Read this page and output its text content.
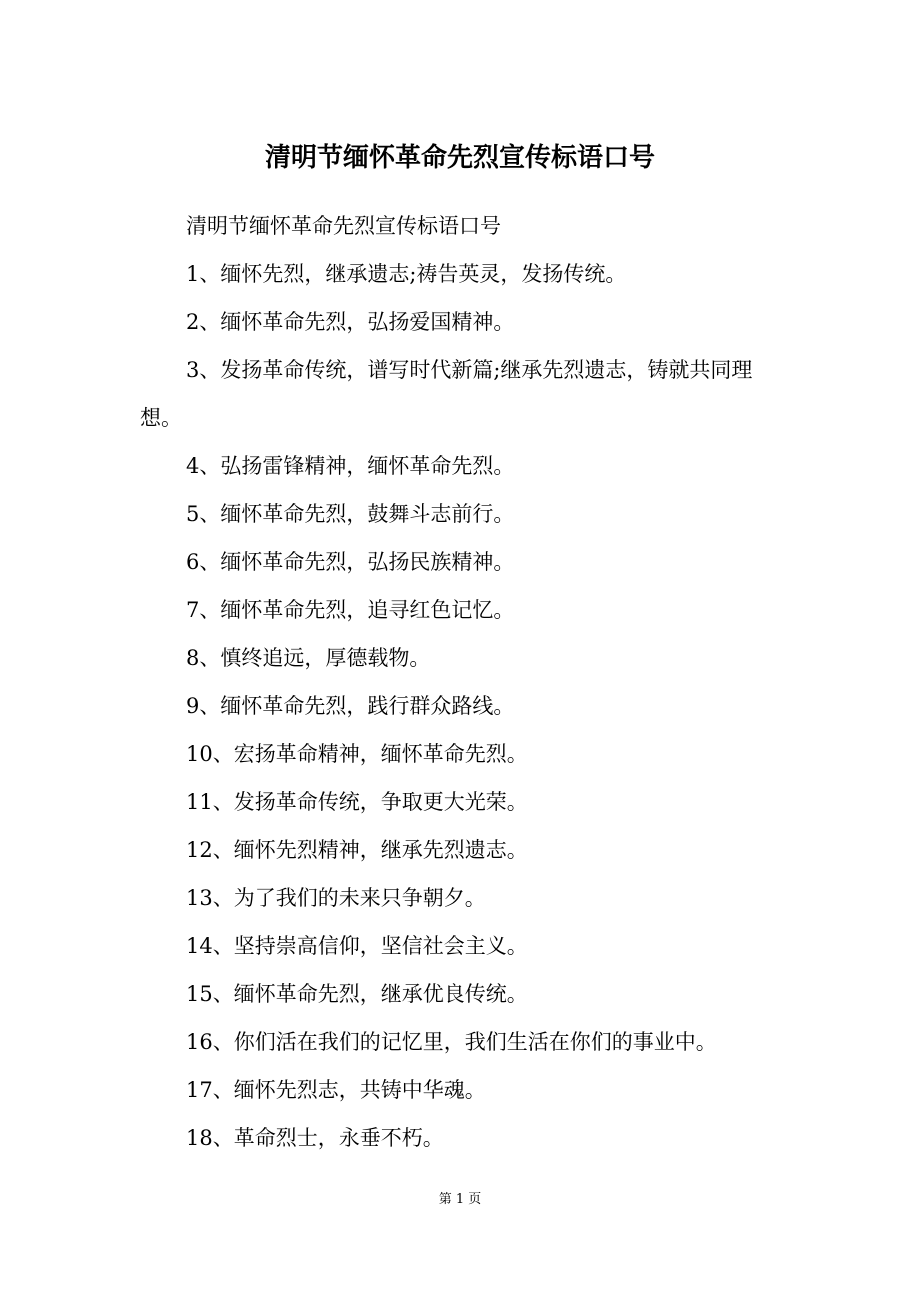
清明节缅怀革命先烈宣传标语口号

清明节缅怀革命先烈宣传标语口号

1、缅怀先烈，继承遗志;祷告英灵，发扬传统。

2、缅怀革命先烈，弘扬爱国精神。

3、发扬革命传统，谱写时代新篇;继承先烈遗志，铸就共同理想。

4、弘扬雷锋精神，缅怀革命先烈。

5、缅怀革命先烈，鼓舞斗志前行。

6、缅怀革命先烈，弘扬民族精神。

7、缅怀革命先烈，追寻红色记忆。

8、慎终追远，厚德载物。

9、缅怀革命先烈，践行群众路线。

10、宏扬革命精神，缅怀革命先烈。

11、发扬革命传统，争取更大光荣。

12、缅怀先烈精神，继承先烈遗志。

13、为了我们的未来只争朝夕。

14、坚持崇高信仰，坚信社会主义。

15、缅怀革命先烈，继承优良传统。

16、你们活在我们的记忆里，我们生活在你们的事业中。

17、缅怀先烈志，共铸中华魂。

18、革命烈士，永垂不朽。

第 1 页
